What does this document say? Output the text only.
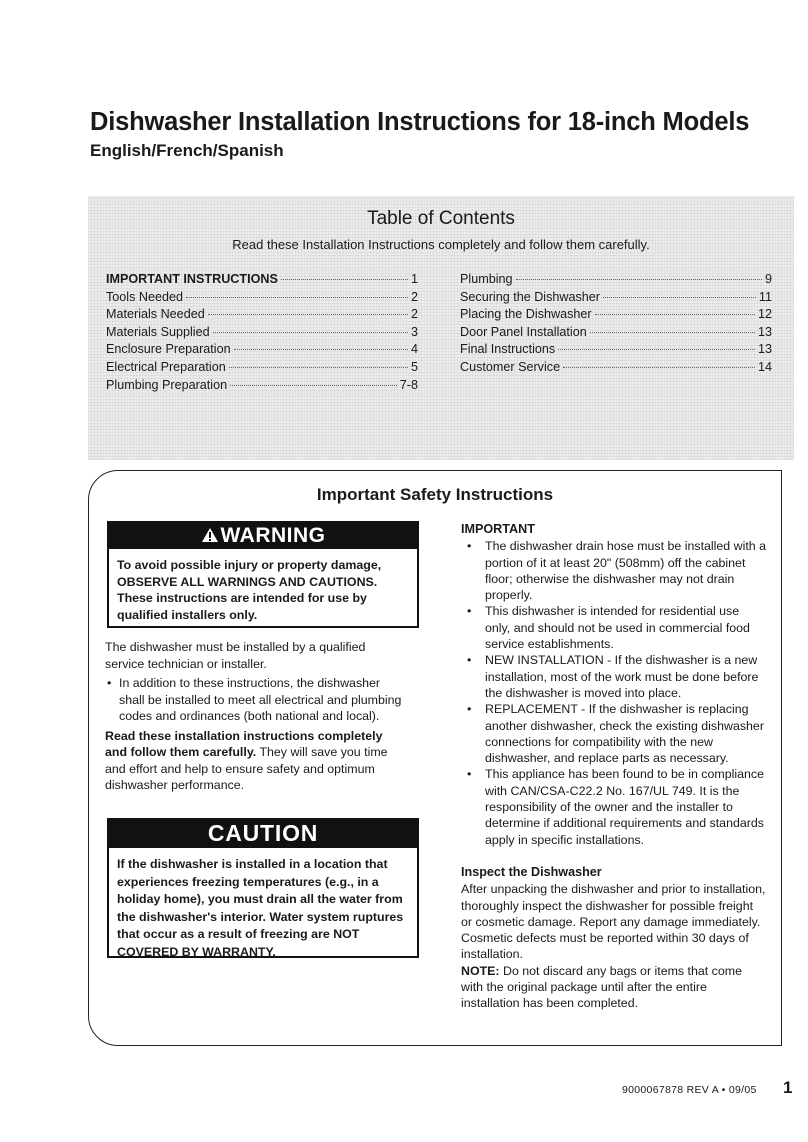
Dishwasher Installation Instructions for 18-inch Models
English/French/Spanish
Table of Contents
Read these Installation Instructions completely and follow them carefully.
IMPORTANT INSTRUCTIONS	1
Tools Needed	2
Materials Needed	2
Materials Supplied	3
Enclosure Preparation	4
Electrical Preparation	5
Plumbing Preparation	7-8
Plumbing	9
Securing the Dishwasher	11
Placing the Dishwasher	12
Door Panel Installation	13
Final Instructions	13
Customer Service	14
Important Safety Instructions
WARNING
To avoid possible injury or property damage, OBSERVE ALL WARNINGS AND CAUTIONS. These instructions are intended for use by qualified installers only.

The dishwasher must be installed by a qualified service technician or installer.

• In addition to these instructions, the dishwasher shall be installed to meet all electrical and plumbing codes and ordinances (both national and local).

Read these installation instructions completely and follow them carefully. They will save you time and effort and help to ensure safety and optimum dishwasher performance.

CAUTION
If the dishwasher is installed in a location that experiences freezing temperatures (e.g., in a holiday home), you must drain all the water from the dishwasher's interior. Water system ruptures that occur as a result of freezing are NOT COVERED BY WARRANTY.
IMPORTANT

• The dishwasher drain hose must be installed with a portion of it at least 20" (508mm) off the cabinet floor; otherwise the dishwasher may not drain properly.

• This dishwasher is intended for residential use only, and should not be used in commercial food service establishments.

• NEW INSTALLATION - If the dishwasher is a new installation, most of the work must be done before the dishwasher is moved into place.

• REPLACEMENT - If the dishwasher is replacing another dishwasher, check the existing dishwasher connections for compatibility with the new dishwasher, and replace parts as necessary.

• This appliance has been found to be in compliance with CAN/CSA-C22.2 No. 167/UL 749. It is the responsibility of the owner and the installer to determine if additional requirements and standards apply in specific installations.

Inspect the Dishwasher

After unpacking the dishwasher and prior to installation, thoroughly inspect the dishwasher for possible freight or cosmetic damage. Report any damage immediately. Cosmetic defects must be reported within 30 days of installation.

NOTE: Do not discard any bags or items that come with the original package until after the entire installation has been completed.

9000067878 REV A • 09/05 1
